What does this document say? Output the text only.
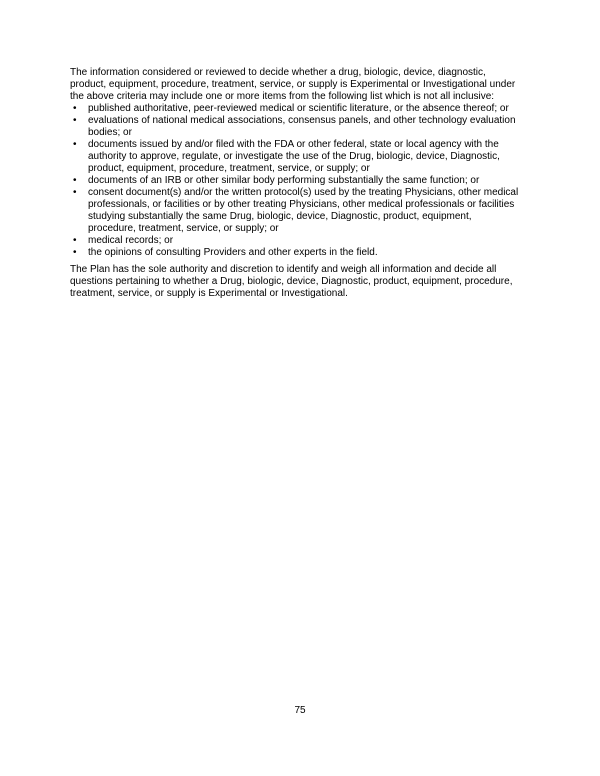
The information considered or reviewed to decide whether a drug, biologic, device, diagnostic, product, equipment, procedure, treatment, service, or supply is Experimental or Investigational under the above criteria may include one or more items from the following list which is not all inclusive:

• published authoritative, peer-reviewed medical or scientific literature, or the absence thereof; or
• evaluations of national medical associations, consensus panels, and other technology evaluation bodies; or
• documents issued by and/or filed with the FDA or other federal, state or local agency with the authority to approve, regulate, or investigate the use of the Drug, biologic, device, Diagnostic, product, equipment, procedure, treatment, service, or supply; or
• documents of an IRB or other similar body performing substantially the same function; or
• consent document(s) and/or the written protocol(s) used by the treating Physicians, other medical professionals, or facilities or by other treating Physicians, other medical professionals or facilities studying substantially the same Drug, biologic, device, Diagnostic, product, equipment, procedure, treatment, service, or supply; or
• medical records; or
• the opinions of consulting Providers and other experts in the field.

The Plan has the sole authority and discretion to identify and weigh all information and decide all questions pertaining to whether a Drug, biologic, device, Diagnostic, product, equipment, procedure, treatment, service, or supply is Experimental or Investigational.

75
